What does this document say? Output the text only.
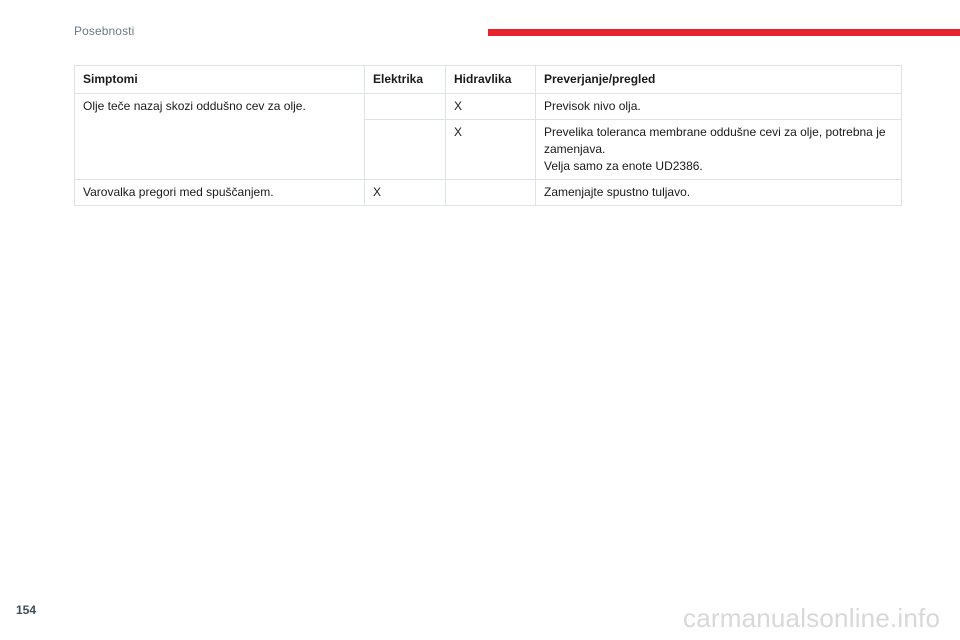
Posebnosti
Simptomi	Elektrika	Hidravlika	Preverjanje/pregled
Olje teče nazaj skozi oddušno cev za olje.		X	Previsok nivo olja.

		X	Prevelika toleranca membrane oddušne cevi za olje, potrebna je zamenjava.
Velja samo za enote UD2386.

Varovalka pregori med spuščanjem.	X		Zamenjajte spustno tuljavo.
154	carmanualsonline.info
